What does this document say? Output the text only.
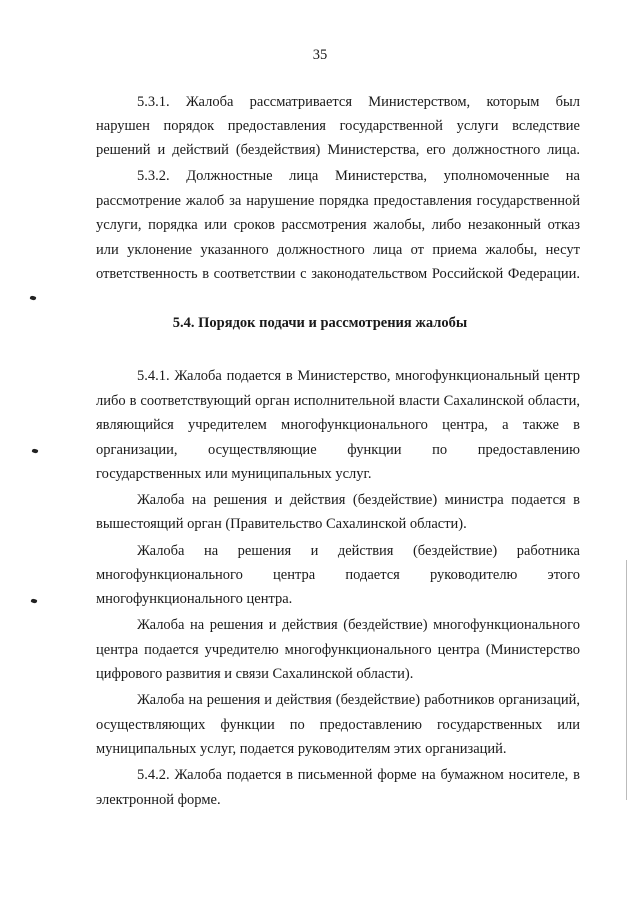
35
5.3.1. Жалоба рассматривается Министерством, которым был
нарушен порядок предоставления государственной услуги вследствие
решений и действий (бездействия) Министерства, его должностного лица.
5.3.2. Должностные лица Министерства, уполномоченные на
рассмотрение жалоб за нарушение порядка предоставления государственной
услуги, порядка или сроков рассмотрения жалобы, либо незаконный отказ
или уклонение указанного должностного лица от приема жалобы, несут
ответственность в соответствии с законодательством Российской Федерации.
5.4. Порядок подачи и рассмотрения жалобы
5.4.1. Жалоба подается в Министерство, многофункциональный центр
либо в соответствующий орган исполнительной власти Сахалинской области,
являющийся учредителем многофункционального центра, а также в
организации, осуществляющие функции по предоставлению
государственных или муниципальных услуг.
Жалоба на решения и действия (бездействие) министра подается в
вышестоящий орган (Правительство Сахалинской области).
Жалоба на решения и действия (бездействие) работника
многофункционального центра подается руководителю этого
многофункционального центра.
Жалоба на решения и действия (бездействие) многофункционального
центра подается учредителю многофункционального центра (Министерство
цифрового развития и связи Сахалинской области).
Жалоба на решения и действия (бездействие) работников организаций,
осуществляющих функции по предоставлению государственных или
муниципальных услуг, подается руководителям этих организаций.
5.4.2. Жалоба подается в письменной форме на бумажном носителе, в
электронной форме.
